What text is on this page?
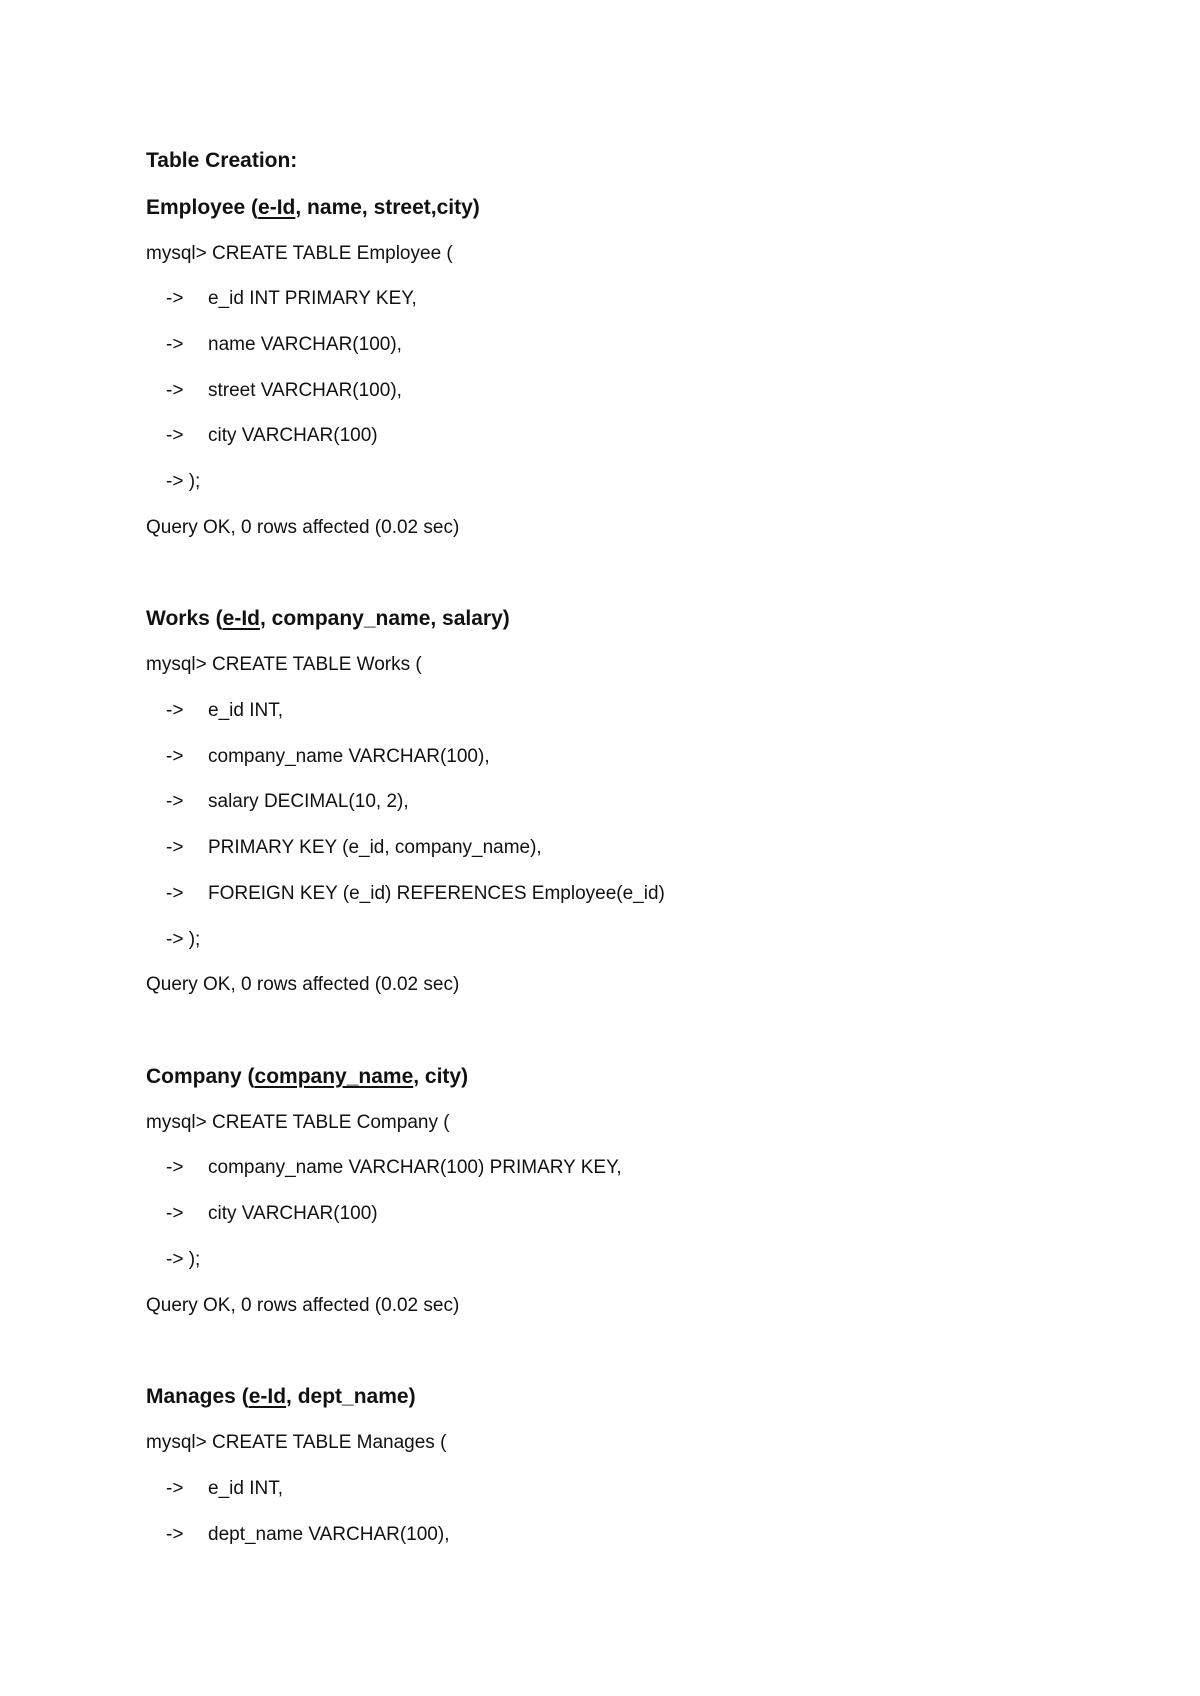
Table Creation:
Employee (e-Id, name, street,city)
mysql> CREATE TABLE Employee (
-> e_id INT PRIMARY KEY,
-> name VARCHAR(100),
-> street VARCHAR(100),
-> city VARCHAR(100)
-> );
Query OK, 0 rows affected (0.02 sec)
Works (e-Id, company_name, salary)
mysql> CREATE TABLE Works (
-> e_id INT,
-> company_name VARCHAR(100),
-> salary DECIMAL(10, 2),
-> PRIMARY KEY (e_id, company_name),
-> FOREIGN KEY (e_id) REFERENCES Employee(e_id)
-> );
Query OK, 0 rows affected (0.02 sec)
Company (company_name, city)
mysql> CREATE TABLE Company (
-> company_name VARCHAR(100) PRIMARY KEY,
-> city VARCHAR(100)
-> );
Query OK, 0 rows affected (0.02 sec)
Manages (e-Id, dept_name)
mysql> CREATE TABLE Manages (
-> e_id INT,
-> dept_name VARCHAR(100),
